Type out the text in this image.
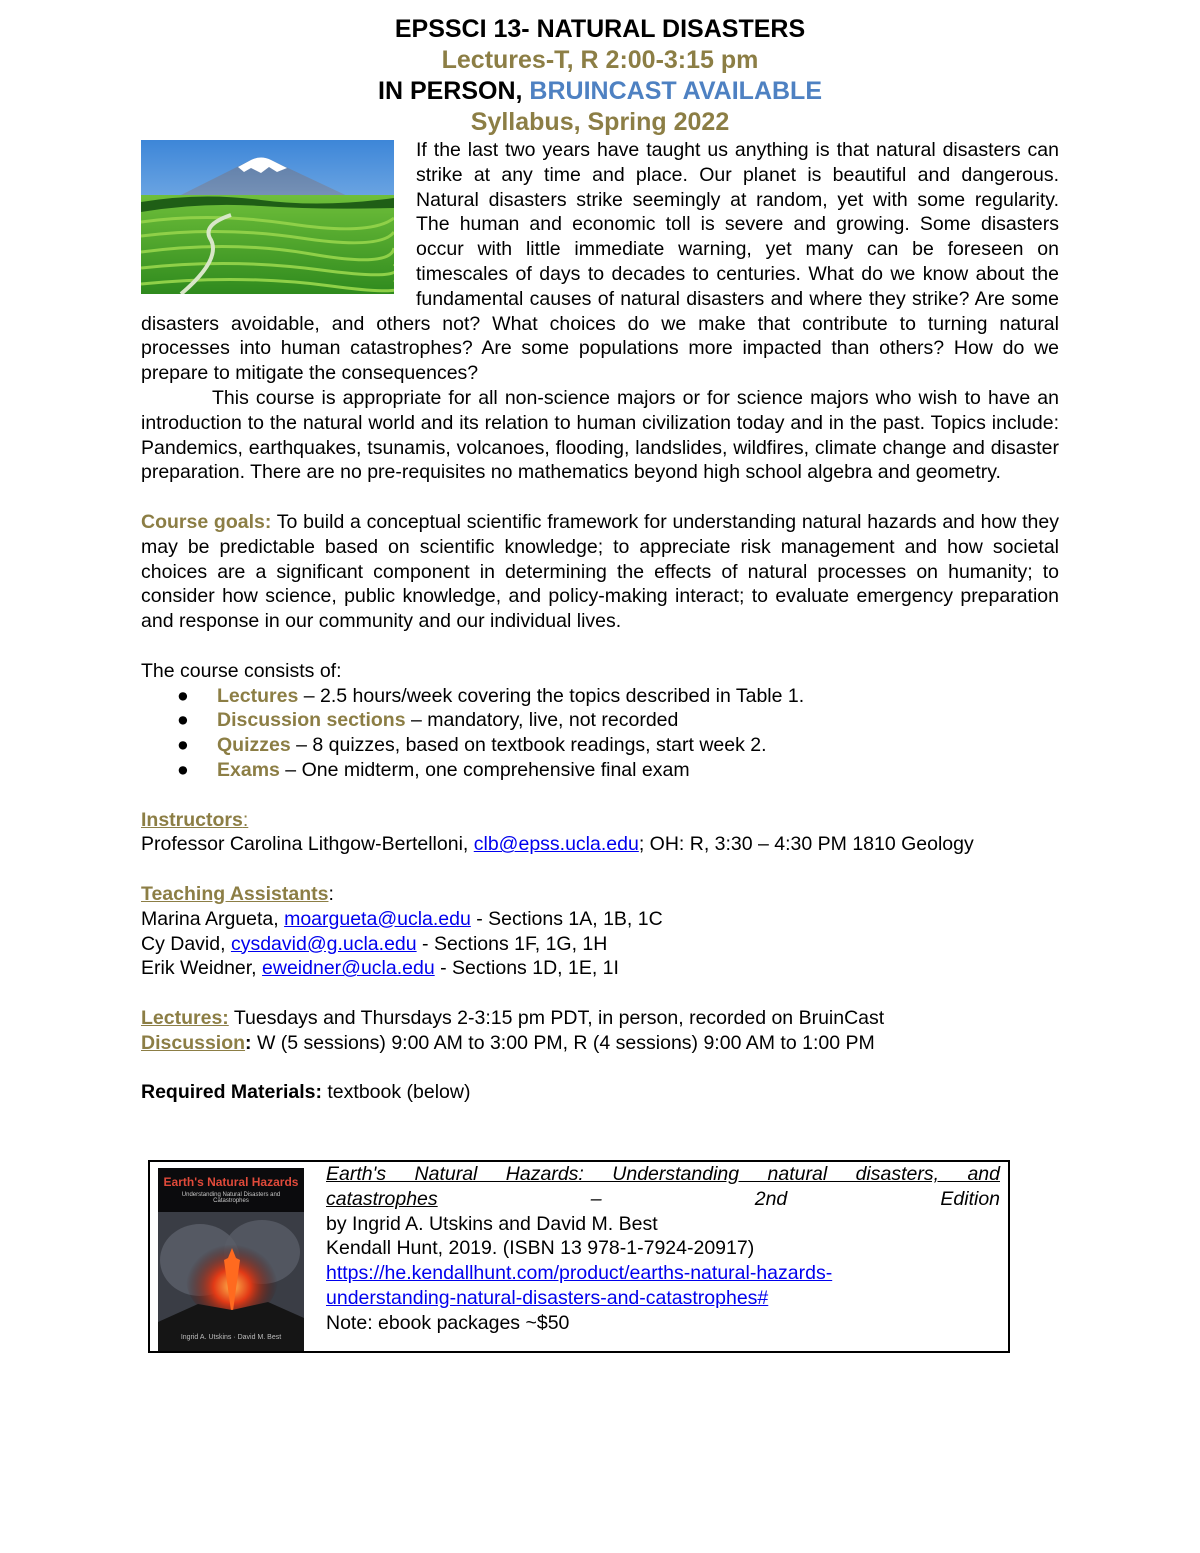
EPSSCI 13- NATURAL DISASTERS

Lectures-T, R 2:00-3:15 pm

IN PERSON, BRUINCAST AVAILABLE

Syllabus, Spring 2022

If the last two years have taught us anything is that natural disasters can strike at any time and place. Our planet is beautiful and dangerous. Natural disasters strike seemingly at random, yet with some regularity. The human and economic toll is severe and growing. Some disasters occur with little immediate warning, yet many can be foreseen on timescales of days to decades to centuries. What do we know about the fundamental causes of natural disasters and where they strike? Are some disasters avoidable, and others not? What choices do we make that contribute to turning natural processes into human catastrophes? Are some populations more impacted than others? How do we prepare to mitigate the consequences?

This course is appropriate for all non-science majors or for science majors who wish to have an introduction to the natural world and its relation to human civilization today and in the past. Topics include: Pandemics, earthquakes, tsunamis, volcanoes, flooding, landslides, wildfires, climate change and disaster preparation. There are no pre-requisites no mathematics beyond high school algebra and geometry.

Course goals: To build a conceptual scientific framework for understanding natural hazards and how they may be predictable based on scientific knowledge; to appreciate risk management and how societal choices are a significant component in determining the effects of natural processes on humanity; to consider how science, public knowledge, and policy-making interact; to evaluate emergency preparation and response in our community and our individual lives.

The course consists of:

● Lectures – 2.5 hours/week covering the topics described in Table 1.
● Discussion sections – mandatory, live, not recorded
● Quizzes – 8 quizzes, based on textbook readings, start week 2.
● Exams – One midterm, one comprehensive final exam

Instructors:

Professor Carolina Lithgow-Bertelloni, clb@epss.ucla.edu; OH: R, 3:30 – 4:30 PM 1810 Geology

Teaching Assistants:

Marina Argueta, moargueta@ucla.edu - Sections 1A, 1B, 1C

Cy David, cysdavid@g.ucla.edu - Sections 1F, 1G, 1H

Erik Weidner, eweidner@ucla.edu - Sections 1D, 1E, 1I

Lectures: Tuesdays and Thursdays 2-3:15 pm PDT, in person, recorded on BruinCast

Discussion: W (5 sessions) 9:00 AM to 3:00 PM, R (4 sessions) 9:00 AM to 1:00 PM

Required Materials: textbook (below)

Earth's Natural Hazards
Understanding Natural Disasters and Catastrophes
Ingrid A. Utskins · David M. Best

Earth's Natural Hazards: Understanding natural disasters, and

catastrophes	–	2nd	Edition

by Ingrid A. Utskins and David M. Best

Kendall Hunt, 2019. (ISBN 13 978-1-7924-20917)

https://he.kendallhunt.com/product/earths-natural-hazards-
understanding-natural-disasters-and-catastrophes#

Note: ebook packages ~$50
